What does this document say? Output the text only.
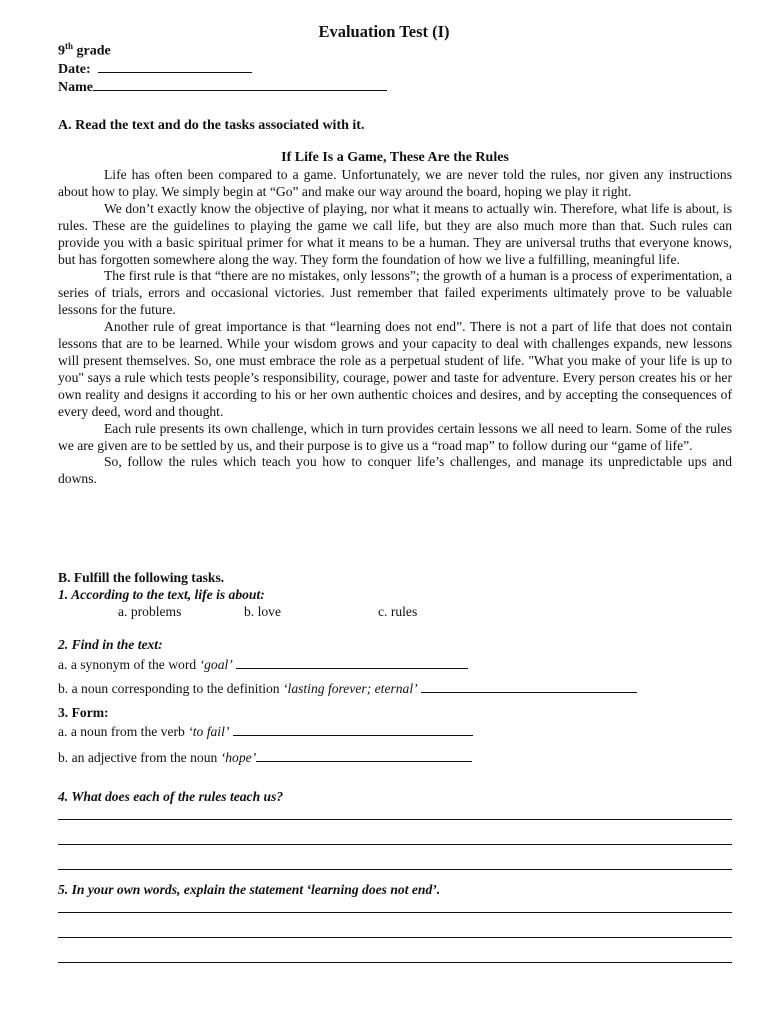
Evaluation Test (I)
9th grade
Date:
Name
A. Read the text and do the tasks associated with it.
If Life Is a Game, These Are the Rules

Life has often been compared to a game. Unfortunately, we are never told the rules, nor given any instructions about how to play. We simply begin at “Go” and make our way around the board, hoping we play it right.

We don’t exactly know the objective of playing, nor what it means to actually win. Therefore, what life is about, is rules. These are the guidelines to playing the game we call life, but they are also much more than that. Such rules can provide you with a basic spiritual primer for what it means to be a human. They are universal truths that everyone knows, but has forgotten somewhere along the way. They form the foundation of how we live a fulfilling, meaningful life.

The first rule is that “there are no mistakes, only lessons”; the growth of a human is a process of experimentation, a series of trials, errors and occasional victories. Just remember that failed experiments ultimately prove to be valuable lessons for the future.

Another rule of great importance is that “learning does not end”. There is not a part of life that does not contain lessons that are to be learned. While your wisdom grows and your capacity to deal with challenges expands, new lessons will present themselves. So, one must embrace the role as a perpetual student of life. "What you make of your life is up to you" says a rule which tests people’s responsibility, courage, power and taste for adventure. Every person creates his or her own reality and designs it according to his or her own authentic choices and desires, and by accepting the consequences of every deed, word and thought.

Each rule presents its own challenge, which in turn provides certain lessons we all need to learn. Some of the rules we are given are to be settled by us, and their purpose is to give us a “road map” to follow during our “game of life”.

So, follow the rules which teach you how to conquer life’s challenges, and manage its unpredictable ups and downs.

B. Fulfill the following tasks.
1. According to the text, life is about:
a. problems	b. love	c. rules
2. Find in the text:
a. a synonym of the word ‘goal’
b. a noun corresponding to the definition ‘lasting forever; eternal’
3. Form:
a. a noun from the verb ‘to fail’
b. an adjective from the noun ‘hope’
4. What does each of the rules teach us?
5. In your own words, explain the statement ‘learning does not end’.
